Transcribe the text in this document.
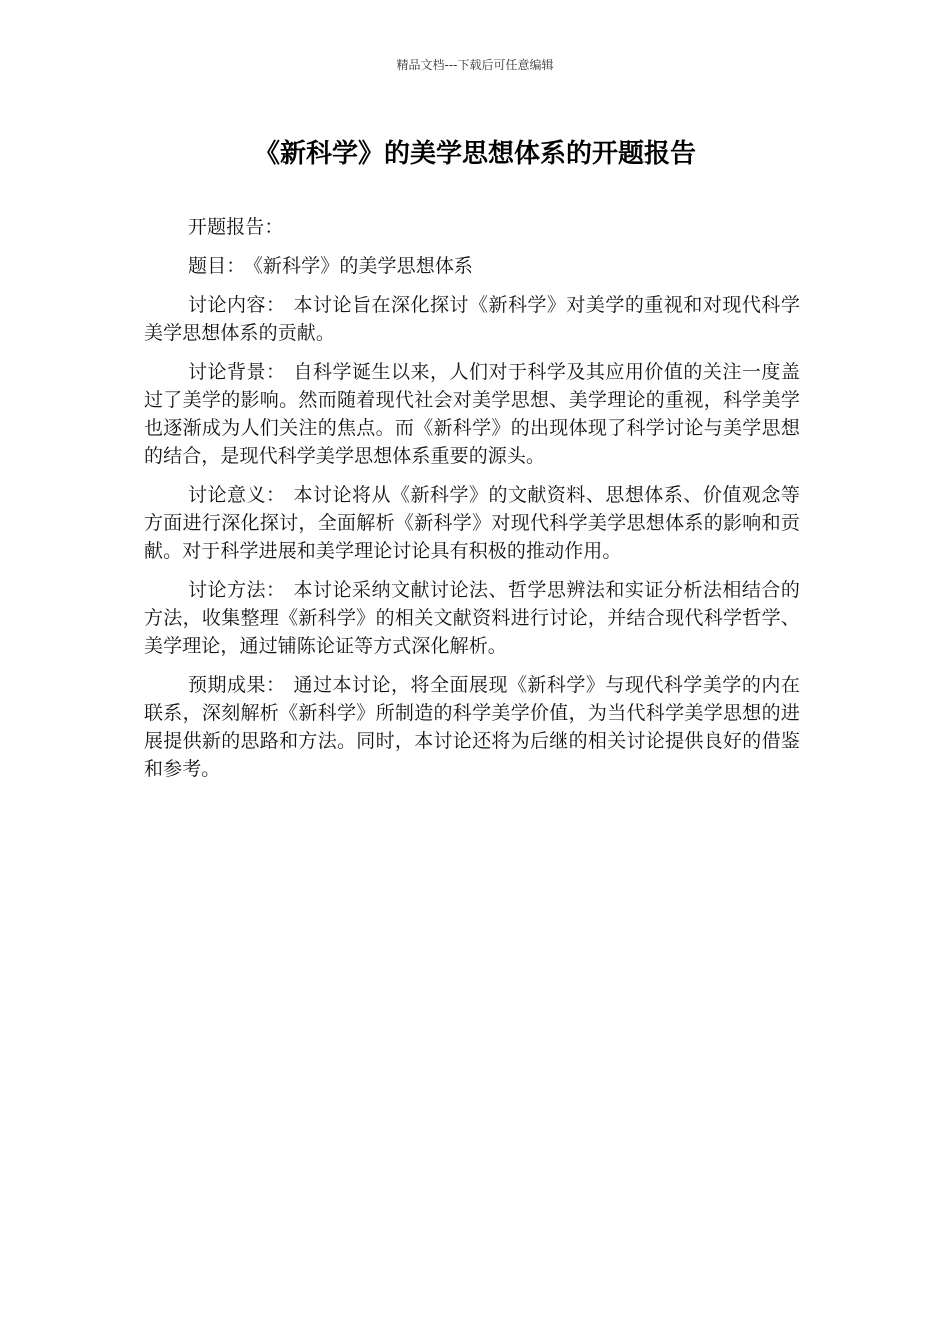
精品文档---下载后可任意编辑
《新科学》的美学思想体系的开题报告

开题报告：

题目： 《新科学》的美学思想体系

讨论内容： 本讨论旨在深化探讨《新科学》对美学的重视和对现代科学美学思想体系的贡献。

讨论背景： 自科学诞生以来，人们对于科学及其应用价值的关注一度盖过了美学的影响。然而随着现代社会对美学思想、美学理论的重视，科学美学也逐渐成为人们关注的焦点。而《新科学》的出现体现了科学讨论与美学思想的结合，是现代科学美学思想体系重要的源头。

讨论意义： 本讨论将从《新科学》的文献资料、思想体系、价值观念等方面进行深化探讨，全面解析《新科学》对现代科学美学思想体系的影响和贡献。对于科学进展和美学理论讨论具有积极的推动作用。

讨论方法： 本讨论采纳文献讨论法、哲学思辨法和实证分析法相结合的方法，收集整理《新科学》的相关文献资料进行讨论，并结合现代科学哲学、美学理论，通过铺陈论证等方式深化解析。

预期成果： 通过本讨论，将全面展现《新科学》与现代科学美学的内在联系，深刻解析《新科学》所制造的科学美学价值，为当代科学美学思想的进展提供新的思路和方法。同时，本讨论还将为后继的相关讨论提供良好的借鉴和参考。
